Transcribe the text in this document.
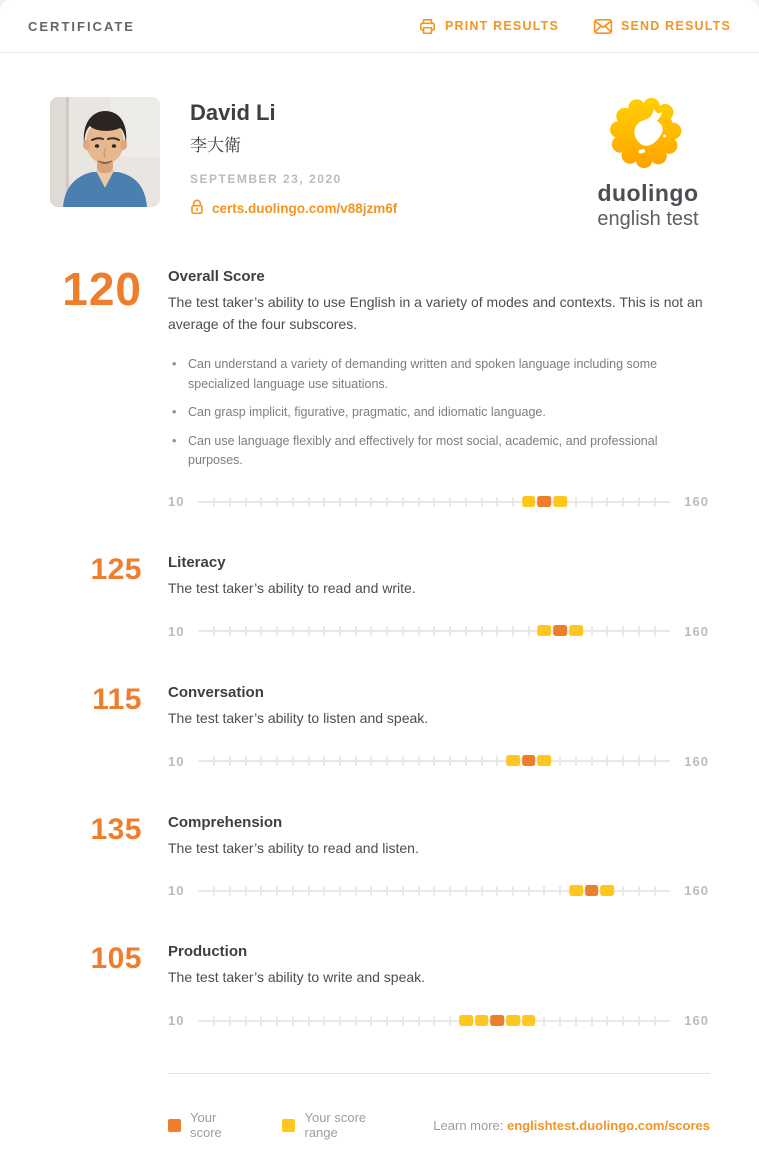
CERTIFICATE	PRINT RESULTS	SEND RESULTS
David Li
李大衛
SEPTEMBER 23, 2020
certs.duolingo.com/v88jzm6f
duolingo
english test
120	Overall Score
The test taker’s ability to use English in a variety of modes and contexts. This is not an average of the four subscores.
• Can understand a variety of demanding written and spoken language including some specialized language use situations.
• Can grasp implicit, figurative, pragmatic, and idiomatic language.
• Can use language flexibly and effectively for most social, academic, and professional purposes.
10	160
125	Literacy
The test taker’s ability to read and write.
10	160
115	Conversation
The test taker’s ability to listen and speak.
10	160
135	Comprehension
The test taker’s ability to read and listen.
10	160
105	Production
The test taker’s ability to write and speak.
10	160
Your score
Your score range	Learn more: englishtest.duolingo.com/scores
